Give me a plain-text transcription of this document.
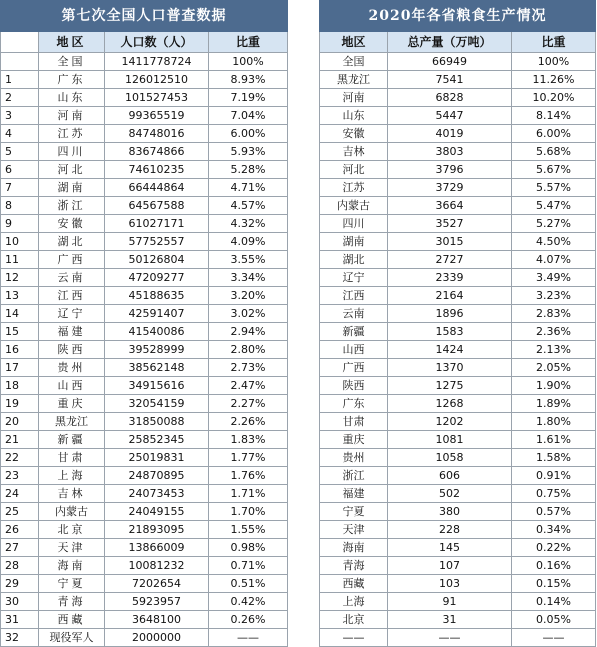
第七次全国人口普查数据			
	地区	人口数（人）	比重
	全国	1411778724	100%
1	广东	126012510	8.93%
2	山东	101527453	7.19%
3	河南	99365519	7.04%
4	江苏	84748016	6.00%
5	四川	83674866	5.93%
6	河北	74610235	5.28%
7	湖南	66444864	4.71%
8	浙江	64567588	4.57%
9	安徽	61027171	4.32%
10	湖北	57752557	4.09%
11	广西	50126804	3.55%
12	云南	47209277	3.34%
13	江西	45188635	3.20%
14	辽宁	42591407	3.02%
15	福建	41540086	2.94%
16	陕西	39528999	2.80%
17	贵州	38562148	2.73%
18	山西	34915616	2.47%
19	重庆	32054159	2.27%
20	黑龙江	31850088	2.26%
21	新疆	25852345	1.83%
22	甘肃	25019831	1.77%
23	上海	24870895	1.76%
24	吉林	24073453	1.71%
25	内蒙古	24049155	1.70%
26	北京	21893095	1.55%
27	天津	13866009	0.98%
28	海南	10081232	0.71%
29	宁夏	7202654	0.51%
30	青海	5923957	0.42%
31	西藏	3648100	0.26%
32	现役军人	2000000	——
2020年各省粮食生产情况		
地区	总产量（万吨）	比重
全国	66949	100%
黑龙江	7541	11.26%
河南	6828	10.20%
山东	5447	8.14%
安徽	4019	6.00%
吉林	3803	5.68%
河北	3796	5.67%
江苏	3729	5.57%
内蒙古	3664	5.47%
四川	3527	5.27%
湖南	3015	4.50%
湖北	2727	4.07%
辽宁	2339	3.49%
江西	2164	3.23%
云南	1896	2.83%
新疆	1583	2.36%
山西	1424	2.13%
广西	1370	2.05%
陕西	1275	1.90%
广东	1268	1.89%
甘肃	1202	1.80%
重庆	1081	1.61%
贵州	1058	1.58%
浙江	606	0.91%
福建	502	0.75%
宁夏	380	0.57%
天津	228	0.34%
海南	145	0.22%
青海	107	0.16%
西藏	103	0.15%
上海	91	0.14%
北京	31	0.05%
——	——	——
